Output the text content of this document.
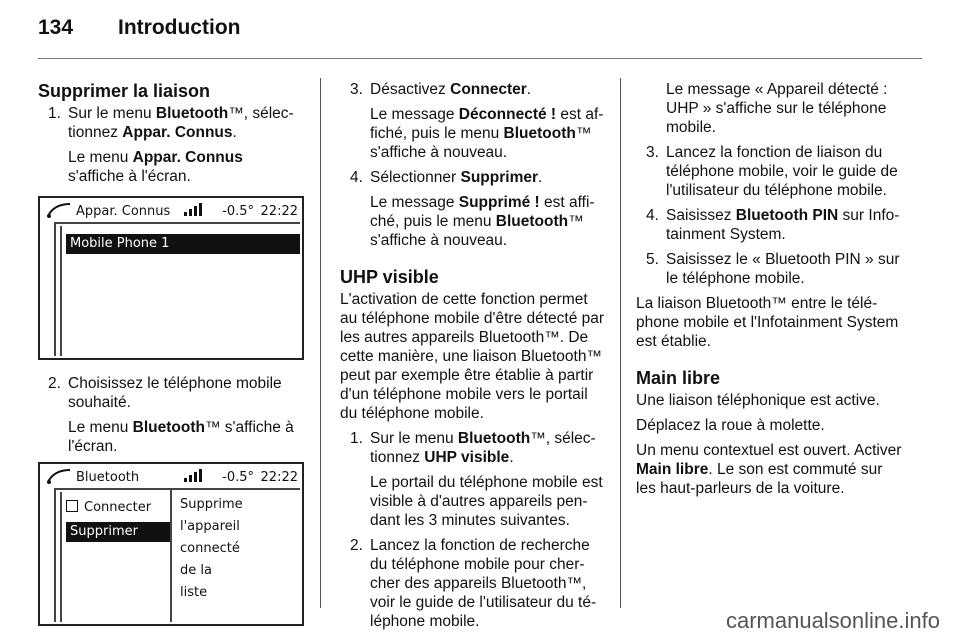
134 Introduction
Supprimer la liaison
1. Sur le menu Bluetooth™, sélectionnez Appar. Connus.

Le menu Appar. Connus s'affiche à l'écran.

Appar. Connus	-0.5° 22:22
Mobile Phone 1
2. Choisissez le téléphone mobile souhaité.

Le menu Bluetooth™ s'affiche à l'écran.

Bluetooth	-0.5° 22:22
Connecter
Supprimer
Supprime
l'appareil
connecté
de la
liste
3. Désactivez Connecter.

Le message Déconnecté ! est affiché, puis le menu Bluetooth™ s'affiche à nouveau.

4. Sélectionner Supprimer.

Le message Supprimé ! est affiché, puis le menu Bluetooth™ s'affiche à nouveau.

UHP visible

L'activation de cette fonction permet au téléphone mobile d'être détecté par les autres appareils Bluetooth™. De cette manière, une liaison Bluetooth™ peut par exemple être établie à partir d'un téléphone mobile vers le portail du téléphone mobile.

1. Sur le menu Bluetooth™, sélectionnez UHP visible.

Le portail du téléphone mobile est visible à d'autres appareils pendant les 3 minutes suivantes.

2. Lancez la fonction de recherche du téléphone mobile pour chercher des appareils Bluetooth™, voir le guide de l'utilisateur du téléphone mobile.

Le message « Appareil détecté : UHP » s'affiche sur le téléphone mobile.

3. Lancez la fonction de liaison du téléphone mobile, voir le guide de l'utilisateur du téléphone mobile.

4. Saisissez Bluetooth PIN sur Infotainment System.

5. Saisissez le « Bluetooth PIN » sur le téléphone mobile.

La liaison Bluetooth™ entre le téléphone mobile et l'Infotainment System est établie.

Main libre

Une liaison téléphonique est active.

Déplacez la roue à molette.

Un menu contextuel est ouvert. Activer Main libre. Le son est commuté sur les haut-parleurs de la voiture.

carmanualsonline.info
